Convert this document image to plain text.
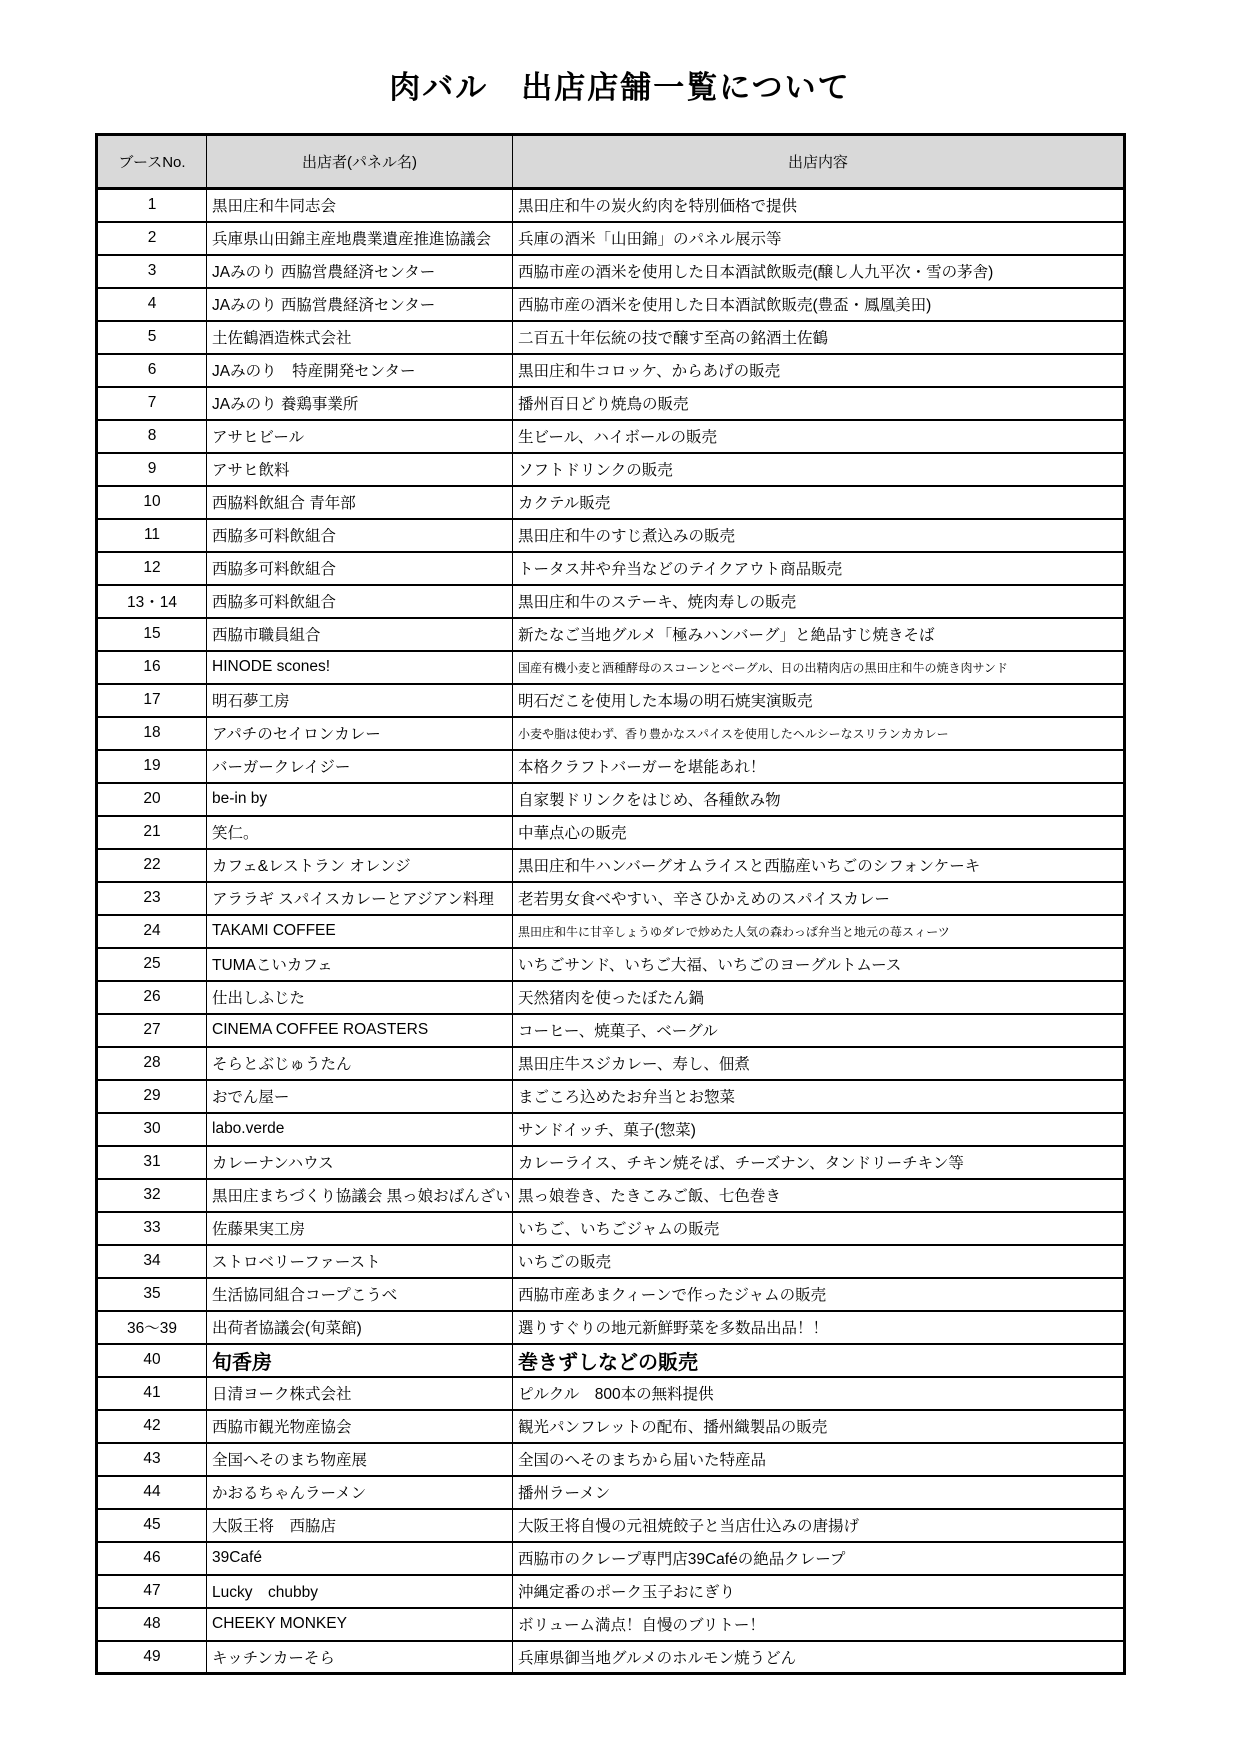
肉バル　出店店舗一覧について
ブースNo.	出店者(パネル名)	出店内容
1	黒田庄和牛同志会	黒田庄和牛の炭火約肉を特別価格で提供
2	兵庫県山田錦主産地農業遺産推進協議会	兵庫の酒米「山田錦」のパネル展示等
3	JAみのり 西脇営農経済センター	西脇市産の酒米を使用した日本酒試飲販売(醸し人九平次・雪の茅舎)
4	JAみのり 西脇営農経済センター	西脇市産の酒米を使用した日本酒試飲販売(豊盃・鳳凰美田)
5	土佐鶴酒造株式会社	二百五十年伝統の技で醸す至高の銘酒土佐鶴
6	JAみのり　特産開発センター	黒田庄和牛コロッケ、からあげの販売
7	JAみのり 養鶏事業所	播州百日どり焼鳥の販売
8	アサヒビール	生ビール、ハイボールの販売
9	アサヒ飲料	ソフトドリンクの販売
10	西脇料飲組合 青年部	カクテル販売
11	西脇多可料飲組合	黒田庄和牛のすじ煮込みの販売
12	西脇多可料飲組合	トータス丼や弁当などのテイクアウト商品販売
13・14	西脇多可料飲組合	黒田庄和牛のステーキ、焼肉寿しの販売
15	西脇市職員組合	新たなご当地グルメ「極みハンバーグ」と絶品すじ焼きそば
16	HINODE scones!	国産有機小麦と酒種酵母のスコーンとベーグル、日の出精肉店の黒田庄和牛の焼き肉サンド
17	明石夢工房	明石だこを使用した本場の明石焼実演販売
18	アパチのセイロンカレー	小麦や脂は使わず、香り豊かなスパイスを使用したヘルシーなスリランカカレー
19	バーガークレイジー	本格クラフトバーガーを堪能あれ！
20	be-in by	自家製ドリンクをはじめ、各種飲み物
21	笑仁。	中華点心の販売
22	カフェ&レストラン オレンジ	黒田庄和牛ハンバーグオムライスと西脇産いちごのシフォンケーキ
23	アララギ スパイスカレーとアジアン料理	老若男女食べやすい、辛さひかえめのスパイスカレー
24	TAKAMI COFFEE	黒田庄和牛に甘辛しょうゆダレで炒めた人気の森わっぱ弁当と地元の苺スィーツ
25	TUMAこいカフェ	いちごサンド、いちご大福、いちごのヨーグルトムース
26	仕出しふじた	天然猪肉を使ったぼたん鍋
27	CINEMA COFFEE ROASTERS	コーヒー、焼菓子、ベーグル
28	そらとぶじゅうたん	黒田庄牛スジカレー、寿し、佃煮
29	おでん屋ー	まごころ込めたお弁当とお惣菜
30	labo.verde	サンドイッチ、菓子(惣菜)
31	カレーナンハウス	カレーライス、チキン焼そば、チーズナン、タンドリーチキン等
32	黒田庄まちづくり協議会 黒っ娘おばんざい	黒っ娘巻き、たきこみご飯、七色巻き
33	佐藤果実工房	いちご、いちごジャムの販売
34	ストロベリーファースト	いちごの販売
35	生活協同組合コープこうべ	西脇市産あまクィーンで作ったジャムの販売
36～39	出荷者協議会(旬菜館)	選りすぐりの地元新鮮野菜を多数品出品！！
40	旬香房	巻きずしなどの販売
41	日清ヨーク株式会社	ピルクル　800本の無料提供
42	西脇市観光物産協会	観光パンフレットの配布、播州織製品の販売
43	全国へそのまち物産展	全国のへそのまちから届いた特産品
44	かおるちゃんラーメン	播州ラーメン
45	大阪王将　西脇店	大阪王将自慢の元祖焼餃子と当店仕込みの唐揚げ
46	39Café	西脇市のクレープ専門店39Caféの絶品クレープ
47	Lucky　chubby	沖縄定番のポーク玉子おにぎり
48	CHEEKY MONKEY	ボリューム満点！自慢のブリトー！
49	キッチンカーそら	兵庫県御当地グルメのホルモン焼うどん
